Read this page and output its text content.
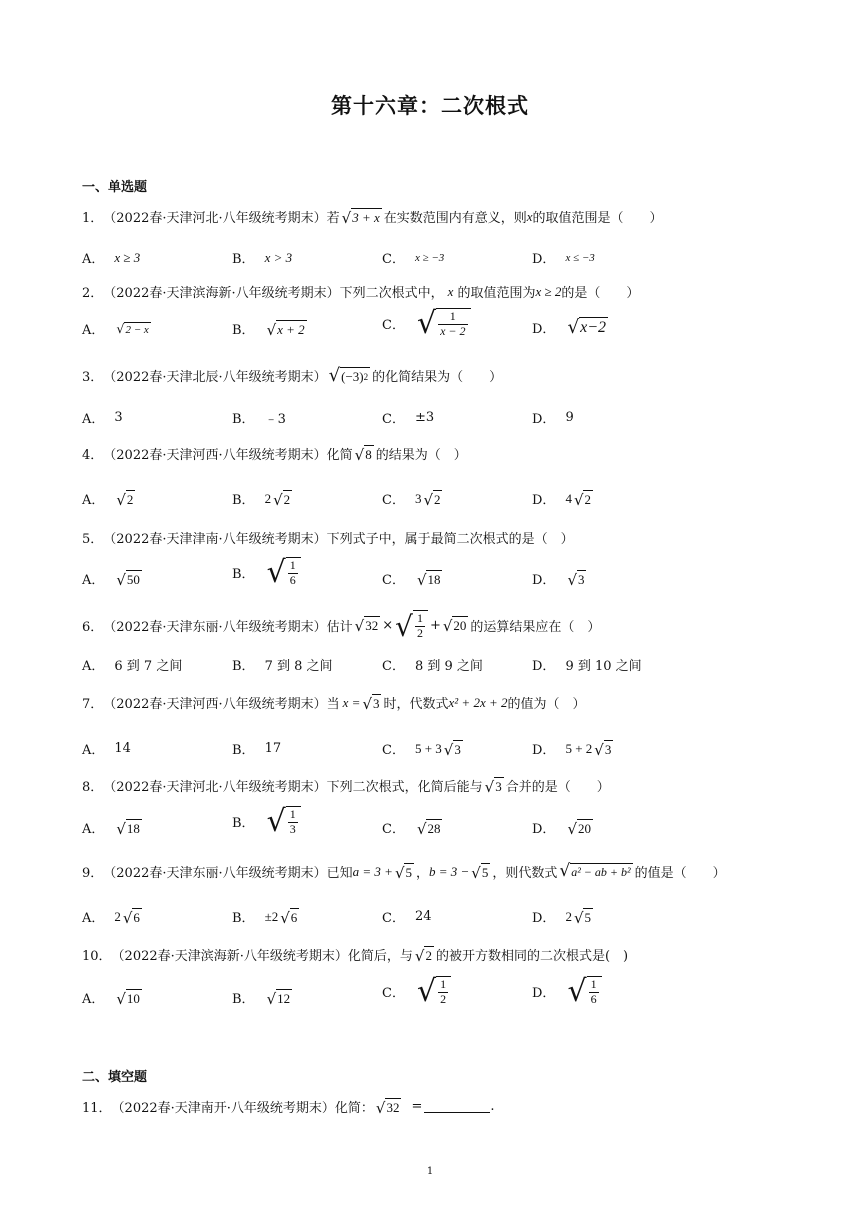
第十六章：二次根式
一、单选题
1． （2022春·天津河北·八年级统考期末） 若 √ 3 + x 在实数范围内有意义，则 x 的取值范围是（　　）
A． x ≥ 3	B． x > 3	C． x ≥ −3	D． x ≤ −3
2． （2022春·天津滨海新·八年级统考期末） 下列二次根式中， x 的取值范围为 x ≥ 2 的是（　　）
A． √ 2 − x	B． √ x + 2	C． √ $\frac{1}{x - 2}$	D． √ x−2
3． （2022春·天津北辰·八年级统考期末） √ (−3) 2 的化简结果为（　　）
A． 3	B． ﹣3	C． ±3	D． 9
4． （2022春·天津河西·八年级统考期末） 化简 √ 8 的结果为（　）
A． √ 2	B． 2 √ 2	C． 3 √ 2	D． 4 √ 2
5． （2022春·天津津南·八年级统考期末） 下列式子中，属于最简二次根式的是（　）
A． √ 50	B． √ $\frac{1}{6}$	C． √ 18	D． √ 3
6． （2022春·天津东丽·八年级统考期末） 估计 √ 32 × √ $\frac{1}{2}$ + √ 20 的运算结果应在（　）
A． 6 到 7 之间	B． 7 到 8 之间	C． 8 到 9 之间	D． 9 到 10 之间
7． （2022春·天津河西·八年级统考期末） 当 x = √ 3 时，代数式 x² + 2x + 2 的值为（　）
A． 14	B． 17	C． 5 + 3 √ 3	D． 5 + 2 √ 3
8． （2022春·天津河北·八年级统考期末） 下列二次根式，化简后能与 √ 3 合并的是（　　）
A． √ 18	B． √ $\frac{1}{3}$	C． √ 28	D． √ 20
9． （2022春·天津东丽·八年级统考期末） 已知 a = 3 + √ 5 ， b = 3 − √ 5 ，则代数式 √ a² − ab + b² 的值是（　　）
A． 2 √ 6	B． ±2 √ 6	C． 24	D． 2 √ 5
10． （2022春·天津滨海新·八年级统考期末） 化简后，与 √ 2 的被开方数相同的二次根式是(　)
A． √ 10	B． √ 12	C． √ $\frac{1}{2}$	D． √ $\frac{1}{6}$
二、填空题
11． （2022春·天津南开·八年级统考期末） 化简： √ 32 =	.
1
